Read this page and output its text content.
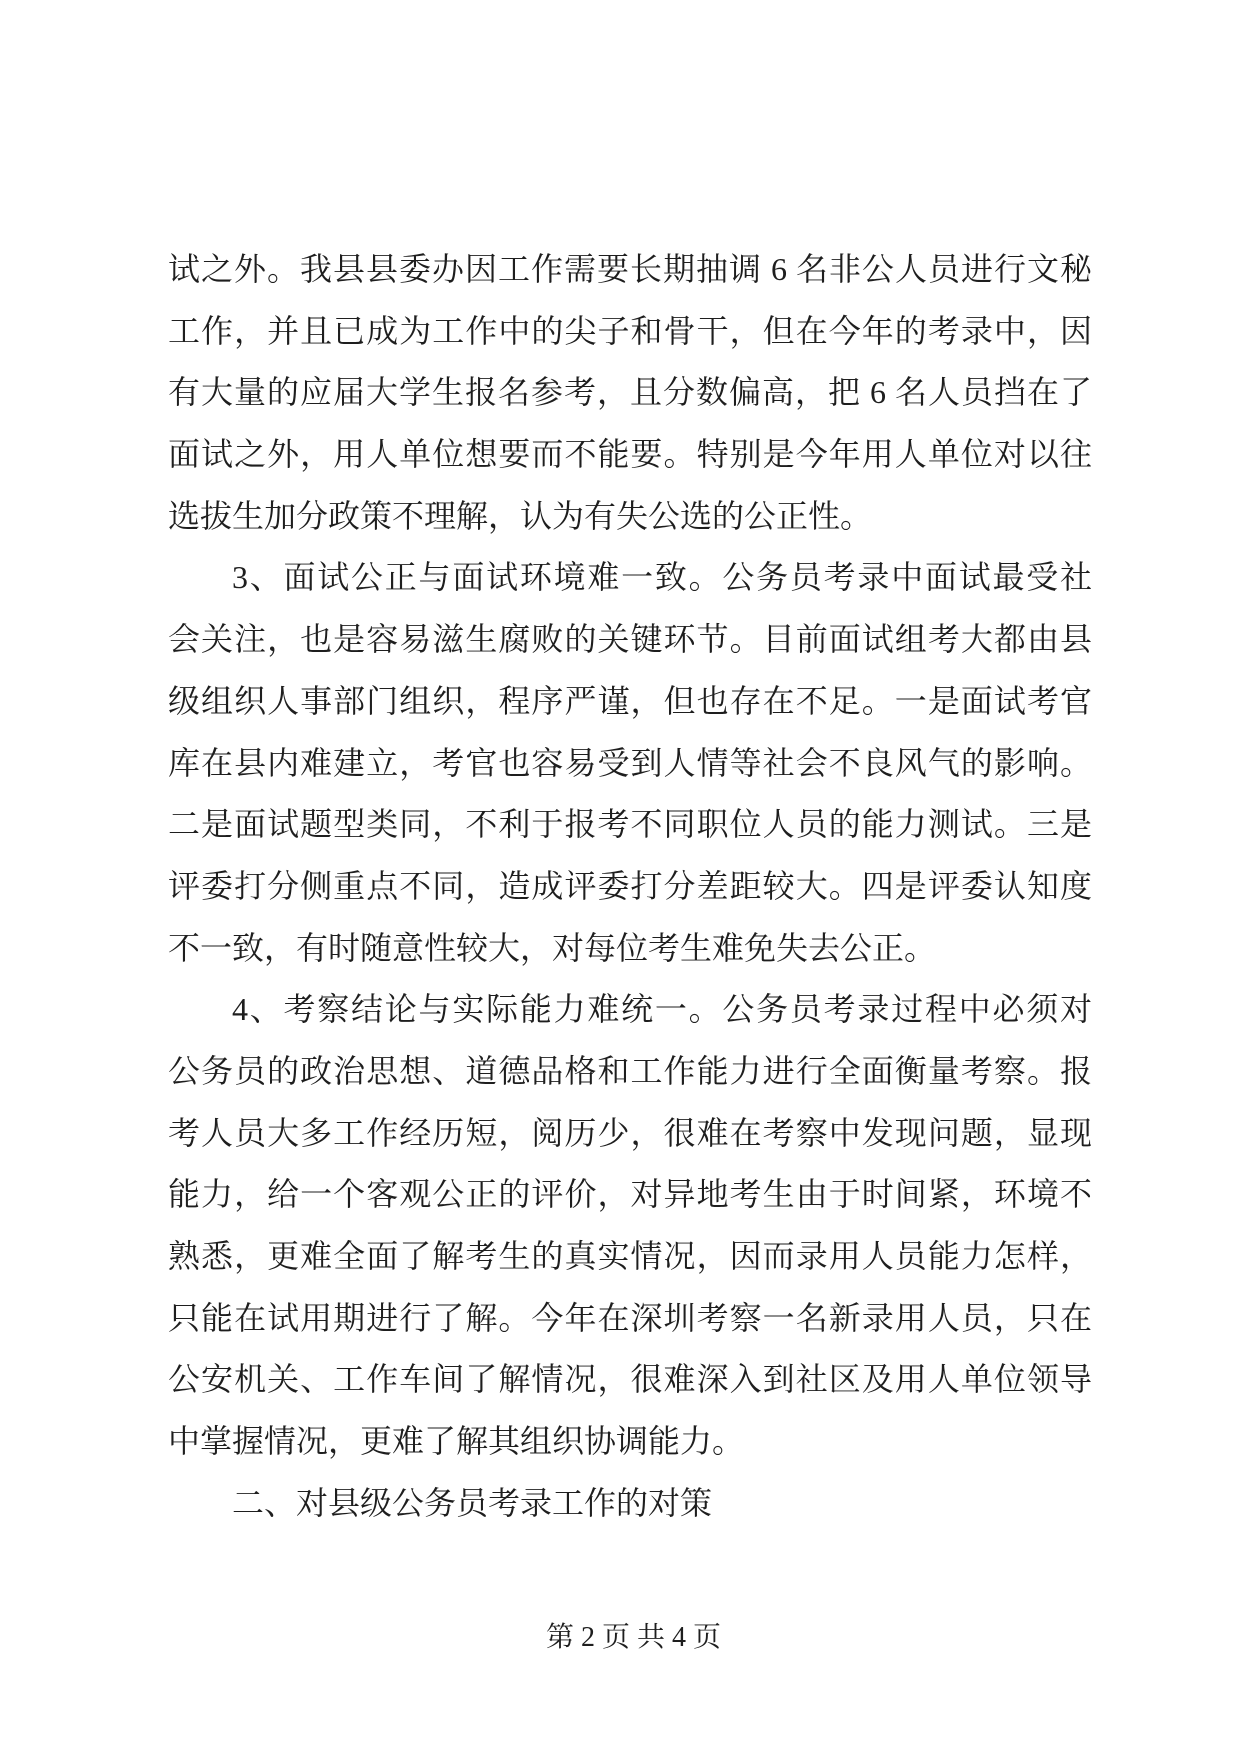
试之外。我县县委办因工作需要长期抽调 6 名非公人员进行文秘
工作，并且已成为工作中的尖子和骨干，但在今年的考录中，因
有大量的应届大学生报名参考，且分数偏高，把 6 名人员挡在了
面试之外，用人单位想要而不能要。特别是今年用人单位对以往
选拔生加分政策不理解，认为有失公选的公正性。
3、面试公正与面试环境难一致。公务员考录中面试最受社
会关注，也是容易滋生腐败的关键环节。目前面试组考大都由县
级组织人事部门组织，程序严谨，但也存在不足。一是面试考官
库在县内难建立，考官也容易受到人情等社会不良风气的影响。
二是面试题型类同，不利于报考不同职位人员的能力测试。三是
评委打分侧重点不同，造成评委打分差距较大。四是评委认知度
不一致，有时随意性较大，对每位考生难免失去公正。
4、考察结论与实际能力难统一。公务员考录过程中必须对
公务员的政治思想、道德品格和工作能力进行全面衡量考察。报
考人员大多工作经历短，阅历少，很难在考察中发现问题，显现
能力，给一个客观公正的评价，对异地考生由于时间紧，环境不
熟悉，更难全面了解考生的真实情况，因而录用人员能力怎样，
只能在试用期进行了解。今年在深圳考察一名新录用人员，只在
公安机关、工作车间了解情况，很难深入到社区及用人单位领导
中掌握情况，更难了解其组织协调能力。
二、对县级公务员考录工作的对策
第 2 页 共 4 页
